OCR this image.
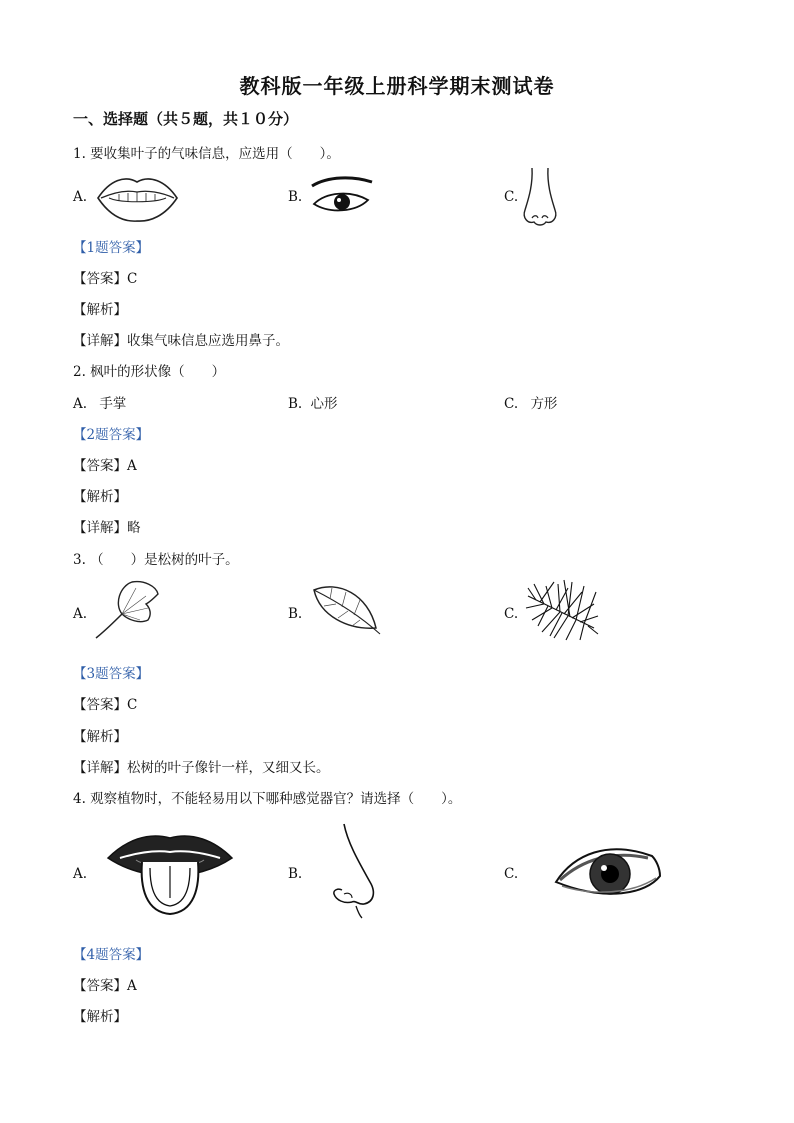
教科版一年级上册科学期末测试卷
一、选择题（共５题，共１０分）
1. 要收集叶子的气味信息，应选用（　　）。
A.	B.	C.
【1题答案】
【答案】C
【解析】
【详解】收集气味信息应选用鼻子。
2. 枫叶的形状像（　　）
A. 手掌	B. 心形	C. 方形
【2题答案】
【答案】A
【解析】
【详解】略
3. （　　）是松树的叶子。
A.	B.	C.
【3题答案】
【答案】C
【解析】
【详解】松树的叶子像针一样，又细又长。
4. 观察植物时，不能轻易用以下哪种感觉器官？请选择（　　）。
A.	B.	C.
【4题答案】
【答案】A
【解析】
